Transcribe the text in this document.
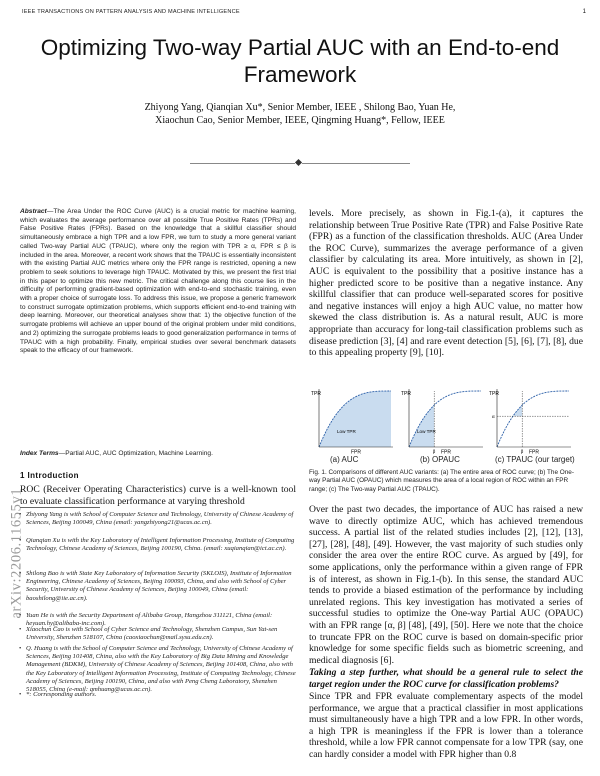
IEEE TRANSACTIONS ON PATTERN ANALYSIS AND MACHINE INTELLIGENCE	1
Optimizing Two-way Partial AUC with an End-to-end Framework
Zhiyong Yang, Qianqian Xu*, Senior Member, IEEE , Shilong Bao, Yuan He,
Xiaochun Cao, Senior Member, IEEE, Qingming Huang*, Fellow, IEEE
arXiv:2206.11655v1
Abstract—The Area Under the ROC Curve (AUC) is a crucial metric for machine learning, which evaluates the average performance over all possible True Positive Rates (TPRs) and False Positive Rates (FPRs). Based on the knowledge that a skillful classifier should simultaneously embrace a high TPR and a low FPR, we turn to study a more general variant called Two-way Partial AUC (TPAUC), where only the region with TPR ≥ α, FPR ≤ β is included in the area. Moreover, a recent work shows that the TPAUC is essentially inconsistent with the existing Partial AUC metrics where only the FPR range is restricted, opening a new problem to seek solutions to leverage high TPAUC. Motivated by this, we present the first trial in this paper to optimize this new metric. The critical challenge along this course lies in the difficulty of performing gradient-based optimization with end-to-end stochastic training, even with a proper choice of surrogate loss. To address this issue, we propose a generic framework to construct surrogate optimization problems, which supports efficient end-to-end training with deep learning. Moreover, our theoretical analyses show that: 1) the objective function of the surrogate problems will achieve an upper bound of the original problem under mild conditions, and 2) optimizing the surrogate problems leads to good generalization performance in terms of TPAUC with a high probability. Finally, empirical studies over several benchmark datasets speak to the efficacy of our framework.
Index Terms—Partial AUC, AUC Optimization, Machine Learning.
1 Introduction
ROC (Receiver Operating Characteristics) curve is a well-known tool to evaluate classification performance at varying threshold
• Zhiyong Yang is with School of Computer Science and Technology, University of Chinese Academy of Sciences, Beijing 100049, China (email: yangzhiyong21@ucas.ac.cn).
• Qianqian Xu is with the Key Laboratory of Intelligent Information Processing, Institute of Computing Technology, Chinese Academy of Sciences, Beijing 100190, China. (email: xuqianqian@ict.ac.cn).
• Shilong Bao is with State Key Laboratory of Information Security (SKLOIS), Institute of Information Engineering, Chinese Academy of Sciences, Beijing 100093, China, and also with School of Cyber Security, University of Chinese Academy of Sciences, Beijing 100049, China (email: baoshilong@iie.ac.cn).
• Yuan He is with the Security Department of Alibaba Group, Hangzhou 311121, China (email: heyuan.hy@alibaba-inc.com).
• Xiaochun Cao is with School of Cyber Science and Technology, Shenzhen Campus, Sun Yat-sen University, Shenzhen 518107, China (caoxiaochun@mail.sysu.edu.cn).
• Q. Huang is with the School of Computer Science and Technology, University of Chinese Academy of Sciences, Beijing 101408, China, also with the Key Laboratory of Big Data Mining and Knowledge Management (BDKM), University of Chinese Academy of Sciences, Beijing 101408, China, also with the Key Laboratory of Intelligent Information Processing, Institute of Computing Technology, Chinese Academy of Sciences, Beijing 100190, China, and also with Peng Cheng Laboratory, Shenzhen 518055, China (e-mail: qmhuang@ucas.ac.cn).
• *: Corresponding authors.
levels. More precisely, as shown in Fig.1-(a), it captures the relationship between True Positive Rate (TPR) and False Positive Rate (FPR) as a function of the classification thresholds. AUC (Area Under the ROC Curve), summarizes the average performance of a given classifier by calculating its area. More intuitively, as shown in [2], AUC is equivalent to the possibility that a positive instance has a higher predicted score to be positive than a negative instance. Any skillful classifier that can produce well-separated scores for positive and negative instances will enjoy a high AUC value, no matter how skewed the class distribution is. As a natural result, AUC is more appropriate than accuracy for long-tail classification problems such as disease prediction [3], [4] and rare event detection [5], [6], [7], [8], due to this appealing property [9], [10].
FPR
TPR
Low TPR
FPR
TPR
β
Low TPR
FPR
TPR
β
α
(a) AUC	(b) OPAUC	(c) TPAUC (our target)
Fig. 1. Comparisons of different AUC variants: (a) The entire area of ROC curve; (b) The One-way Partial AUC (OPAUC) which measures the area of a local region of ROC within an FPR range; (c) The Two-way Partial AUC (TPAUC).
Over the past two decades, the importance of AUC has raised a new wave to directly optimize AUC, which has achieved tremendous success. A partial list of the related studies includes [2], [12], [13], [27], [28], [48], [49]. However, the vast majority of such studies only consider the area over the entire ROC curve. As argued by [49], for some applications, only the performance within a given range of FPR is of interest, as shown in Fig.1-(b). In this sense, the standard AUC tends to provide a biased estimation of the performance by including unrelated regions. This key investigation has motivated a series of successful studies to optimize the One-way Partial AUC (OPAUC) with an FPR range [α, β] [48], [49], [50]. Here we note that the choice to truncate FPR on the ROC curve is based on domain-specific prior knowledge for some specific fields such as biometric screening, and medical diagnosis [6].
Taking a step further, what should be a general rule to select the target region under the ROC curve for classification problems?
Since TPR and FPR evaluate complementary aspects of the model performance, we argue that a practical classifier in most applications must simultaneously have a high TPR and a low FPR. In other words, a high TPR is meaningless if the FPR is lower than a tolerance threshold, while a low FPR cannot compensate for a low TPR (say, one can hardly consider a model with FPR higher than 0.8
